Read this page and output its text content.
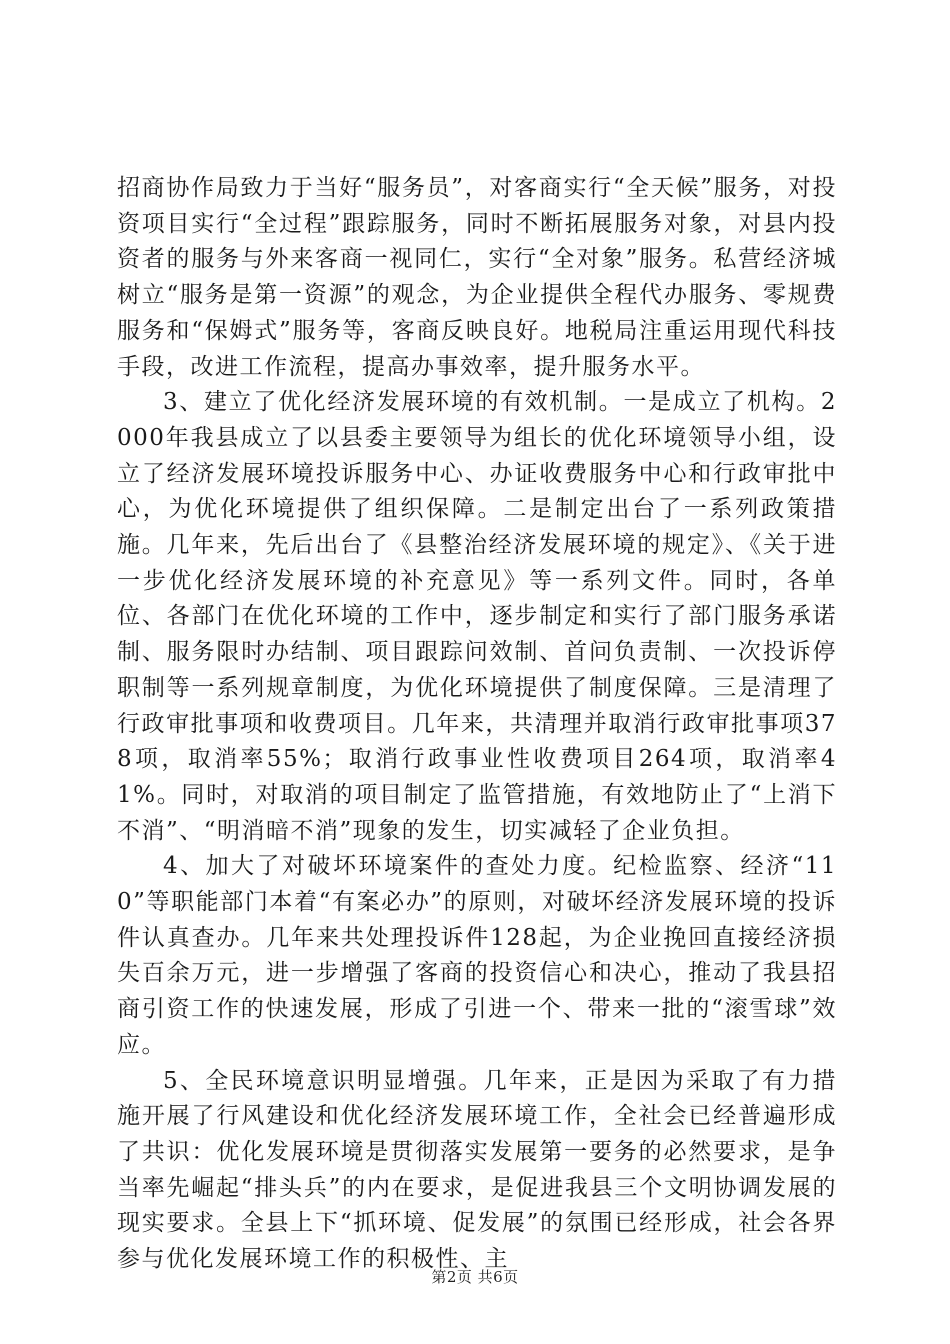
招商协作局致力于当好“服务员”，对客商实行“全天候”服务，对投资项目实行“全过程”跟踪服务，同时不断拓展服务对象，对县内投资者的服务与外来客商一视同仁，实行“全对象”服务。私营经济城树立“服务是第一资源”的观念，为企业提供全程代办服务、零规费服务和“保姆式”服务等，客商反映良好。地税局注重运用现代科技手段，改进工作流程，提高办事效率，提升服务水平。

3、建立了优化经济发展环境的有效机制。一是成立了机构。2000年我县成立了以县委主要领导为组长的优化环境领导小组，设立了经济发展环境投诉服务中心、办证收费服务中心和行政审批中心，为优化环境提供了组织保障。二是制定出台了一系列政策措施。几年来，先后出台了《县整治经济发展环境的规定》、《关于进一步优化经济发展环境的补充意见》等一系列文件。同时，各单位、各部门在优化环境的工作中，逐步制定和实行了部门服务承诺制、服务限时办结制、项目跟踪问效制、首问负责制、一次投诉停职制等一系列规章制度，为优化环境提供了制度保障。三是清理了行政审批事项和收费项目。几年来，共清理并取消行政审批事项378项，取消率55%；取消行政事业性收费项目264项，取消率41%。同时，对取消的项目制定了监管措施，有效地防止了“上消下不消”、“明消暗不消”现象的发生，切实减轻了企业负担。

4、加大了对破坏环境案件的查处力度。纪检监察、经济“110”等职能部门本着“有案必办”的原则，对破坏经济发展环境的投诉件认真查办。几年来共处理投诉件128起，为企业挽回直接经济损失百余万元，进一步增强了客商的投资信心和决心，推动了我县招商引资工作的快速发展，形成了引进一个、带来一批的“滚雪球”效应。

5、全民环境意识明显增强。几年来，正是因为采取了有力措施开展了行风建设和优化经济发展环境工作，全社会已经普遍形成了共识：优化发展环境是贯彻落实发展第一要务的必然要求，是争当率先崛起“排头兵”的内在要求，是促进我县三个文明协调发展的现实要求。全县上下“抓环境、促发展”的氛围已经形成，社会各界参与优化发展环境工作的积极性、主

第2页 共6页
